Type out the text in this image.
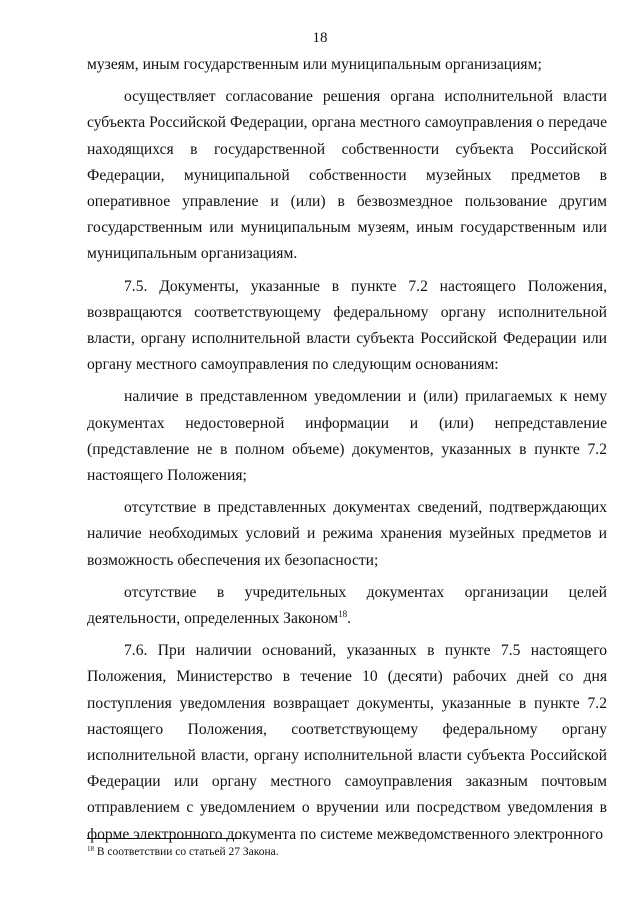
18

музеям, иным государственным или муниципальным организациям;

осуществляет согласование решения органа исполнительной власти субъекта Российской Федерации, органа местного самоуправления о передаче находящихся в государственной собственности субъекта Российской Федерации, муниципальной собственности музейных предметов в оперативное управление и (или) в безвозмездное пользование другим государственным или муниципальным музеям, иным государственным или муниципальным организациям.

7.5. Документы, указанные в пункте 7.2 настоящего Положения, возвращаются соответствующему федеральному органу исполнительной власти, органу исполнительной власти субъекта Российской Федерации или органу местного самоуправления по следующим основаниям:

наличие в представленном уведомлении и (или) прилагаемых к нему документах недостоверной информации и (или) непредставление (представление не в полном объеме) документов, указанных в пункте 7.2 настоящего Положения;

отсутствие в представленных документах сведений, подтверждающих наличие необходимых условий и режима хранения музейных предметов и возможность обеспечения их безопасности;

отсутствие в учредительных документах организации целей деятельности, определенных Законом$^{18}$.

7.6. При наличии оснований, указанных в пункте 7.5 настоящего Положения, Министерство в течение 10 (десяти) рабочих дней со дня поступления уведомления возвращает документы, указанные в пункте 7.2 настоящего Положения, соответствующему федеральному органу исполнительной власти, органу исполнительной власти субъекта Российской Федерации или органу местного самоуправления заказным почтовым отправлением с уведомлением о вручении или посредством уведомления в форме электронного документа по системе межведомственного электронного

$^{18}$ В соответствии со статьей 27 Закона.
